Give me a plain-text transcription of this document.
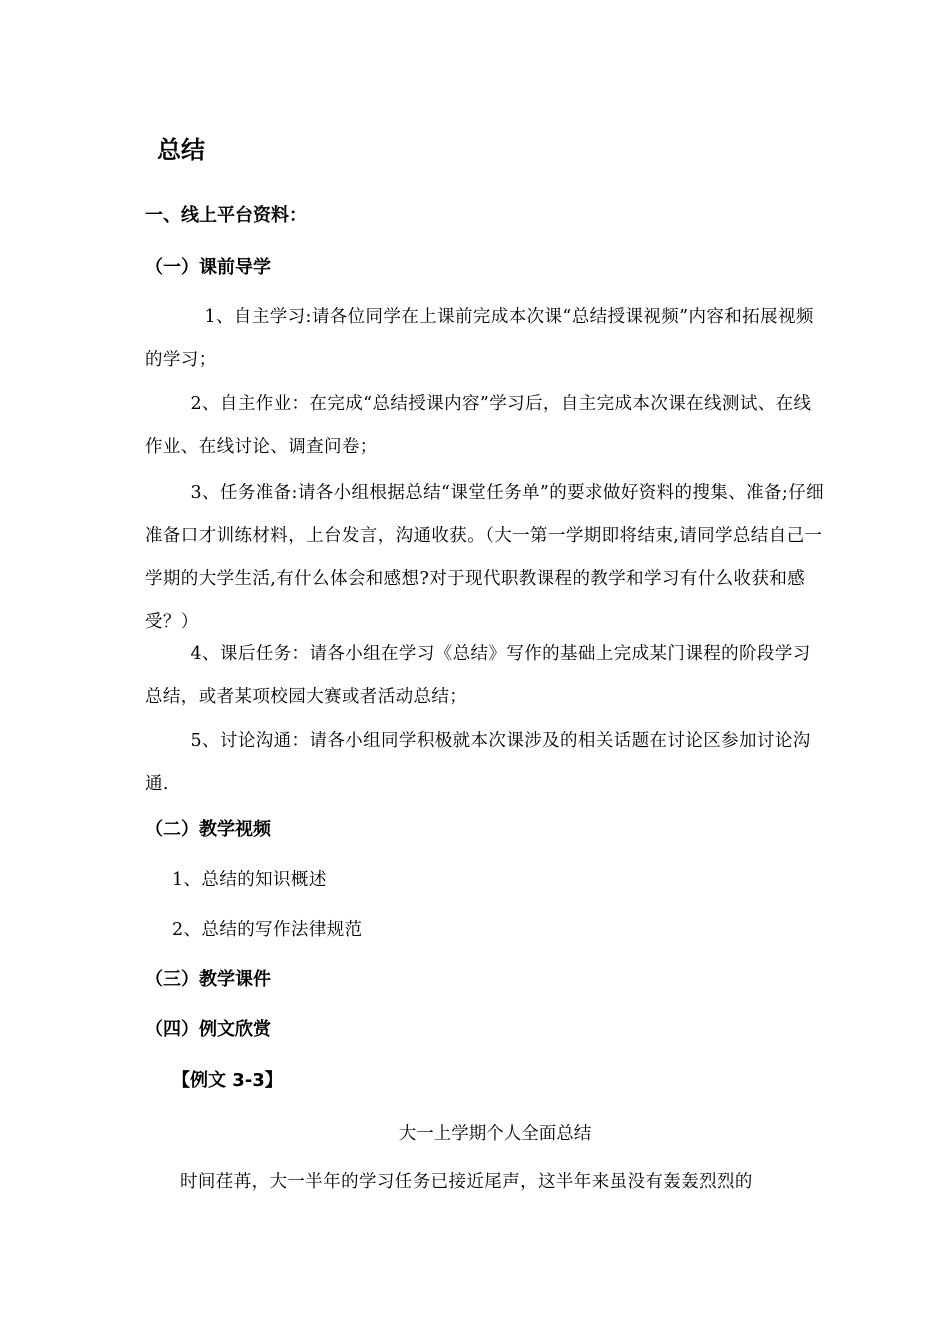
总结
一、线上平台资料：
（一）课前导学

1、自主学习:请各位同学在上课前完成本次课“总结授课视频”内容和拓展视频的学习；

2、自主作业：在完成“总结授课内容”学习后，自主完成本次课在线测试、在线作业、在线讨论、调查问卷；

3、任务准备:请各小组根据总结“课堂任务单”的要求做好资料的搜集、准备;仔细准备口才训练材料，上台发言，沟通收获。（大一第一学期即将结束,请同学总结自己一学期的大学生活,有什么体会和感想?对于现代职教课程的教学和学习有什么收获和感受？）

4、课后任务：请各小组在学习《总结》写作的基础上完成某门课程的阶段学习总结，或者某项校园大赛或者活动总结；

5、讨论沟通：请各小组同学积极就本次课涉及的相关话题在讨论区参加讨论沟通.

（二）教学视频

1、总结的知识概述

2、总结的写作法律规范

（三）教学课件
（四）例文欣赏

【例文 3-3】

大一上学期个人全面总结

时间荏苒，大一半年的学习任务已接近尾声，这半年来虽没有轰轰烈烈的
